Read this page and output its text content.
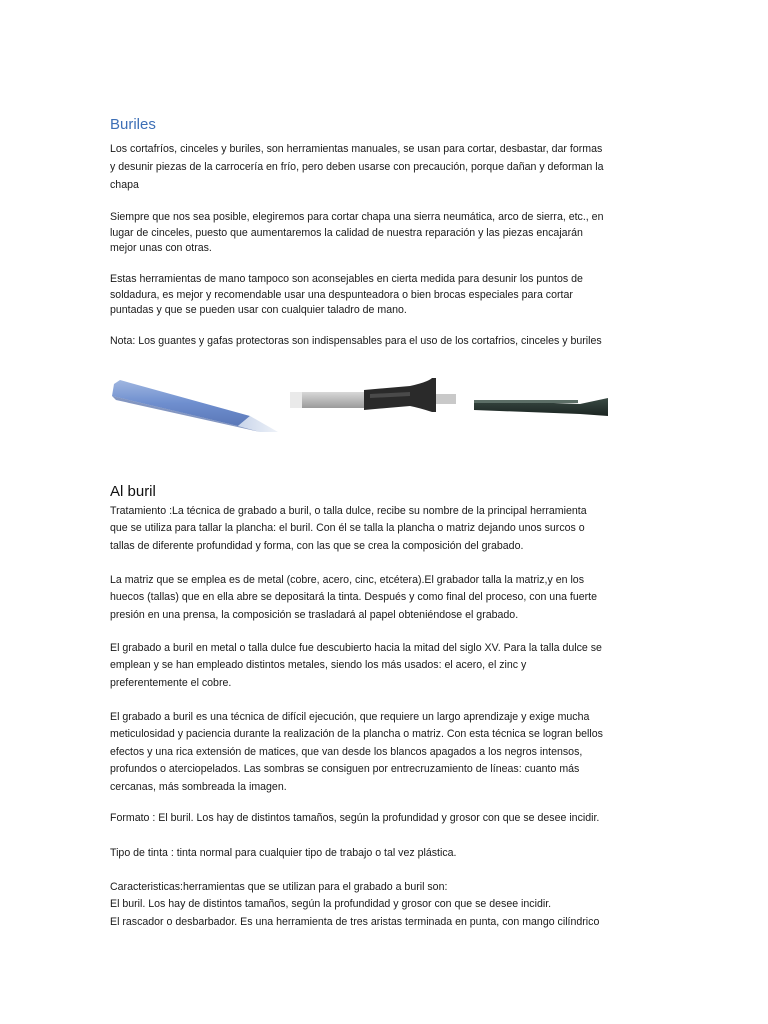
Buriles

Los cortafríos, cinceles y buriles, son herramientas manuales, se usan para cortar, desbastar, dar formas
y desunir piezas de la carrocería en frío, pero deben usarse con precaución, porque dañan y deforman la
chapa

Siempre que nos sea posible, elegiremos para cortar chapa una sierra neumática, arco de sierra, etc., en
lugar de cinceles, puesto que aumentaremos la calidad de nuestra reparación y las piezas encajarán
mejor unas con otras.

Estas herramientas de mano tampoco son aconsejables en cierta medida para desunir los puntos de
soldadura, es mejor y recomendable usar una despunteadora o bien brocas especiales para cortar
puntadas y que se pueden usar con cualquier taladro de mano.

Nota: Los guantes y gafas protectoras son indispensables para el uso de los cortafrios, cinceles y buriles

Al buril

Tratamiento :La técnica de grabado a buril, o talla dulce, recibe su nombre de la principal herramienta
que se utiliza para tallar la plancha: el buril. Con él se talla la plancha o matriz dejando unos surcos o
tallas de diferente profundidad y forma, con las que se crea la composición del grabado.

La matriz que se emplea es de metal (cobre, acero, cinc, etcétera).El grabador talla la matriz,y en los
huecos (tallas) que en ella abre se depositará la tinta. Después y como final del proceso, con una fuerte
presión en una prensa, la composición se trasladará al papel obteniéndose el grabado.

El grabado a buril en metal o talla dulce fue descubierto hacia la mitad del siglo XV. Para la talla dulce se
emplean y se han empleado distintos metales, siendo los más usados: el acero, el zinc y
preferentemente el cobre.

El grabado a buril es una técnica de difícil ejecución, que requiere un largo aprendizaje y exige mucha
meticulosidad y paciencia durante la realización de la plancha o matriz. Con esta técnica se logran bellos
efectos y una rica extensión de matices, que van desde los blancos apagados a los negros intensos,
profundos o aterciopelados. Las sombras se consiguen por entrecruzamiento de líneas: cuanto más
cercanas, más sombreada la imagen.

Formato : El buril. Los hay de distintos tamaños, según la profundidad y grosor con que se desee incidir.

Tipo de tinta : tinta normal para cualquier tipo de trabajo o tal vez plástica.

Caracteristicas:herramientas que se utilizan para el grabado a buril son:
El buril. Los hay de distintos tamaños, según la profundidad y grosor con que se desee incidir.
El rascador o desbarbador. Es una herramienta de tres aristas terminada en punta, con mango cilíndrico
